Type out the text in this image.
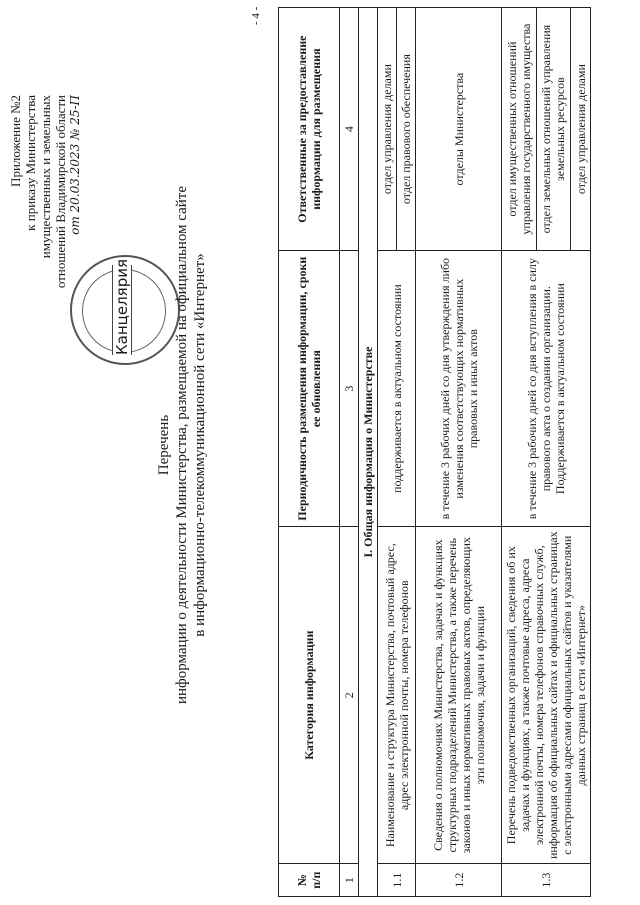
Приложение №2 к приказу Министерства имущественных и земельных отношений Владимирской области от 20.03.2023 № 25-П
Канцелярия
Перечень информации о деятельности Министерства, размещаемой на официальном сайте в информационно-телекоммуникационной сети «Интернет»
№ п/п	Категория информации	Периодичность размещения информации, сроки ее обновления	Ответственные за предоставление информации для размещения
1	2	3	4
I. Общая информация о Министерстве			
1.1	Наименование и структура Министерства, почтовый адрес, адрес электронной почты, номера телефонов	поддерживается в актуальном состоянии	отдел управления делами
			отдел правового обеспечения
1.2	Сведения о полномочиях Министерства, задачах и функциях структурных подразделений Министерства, а также перечень законов и иных нормативных правовых актов, определяющих эти полномочия, задачи и функции	в течение 3 рабочих дней со дня утверждения либо изменения соответствующих нормативных правовых и иных актов	отделы Министерства
1.3	Перечень подведомственных организаций, сведения об их задачах и функциях, а также почтовые адреса, адреса электронной почты, номера телефонов справочных служб, информация об официальных сайтах и официальных страницах с электронными адресами официальных сайтов и указателями данных страниц в сети «Интернет»	в течение 3 рабочих дней со дня вступления в силу правового акта о создании организации. Поддерживается в актуальном состоянии	отдел имущественных отношений управления государственного имущества
			отдел земельных отношений управления земельных ресурсов
			отдел управления делами
- 4 -
